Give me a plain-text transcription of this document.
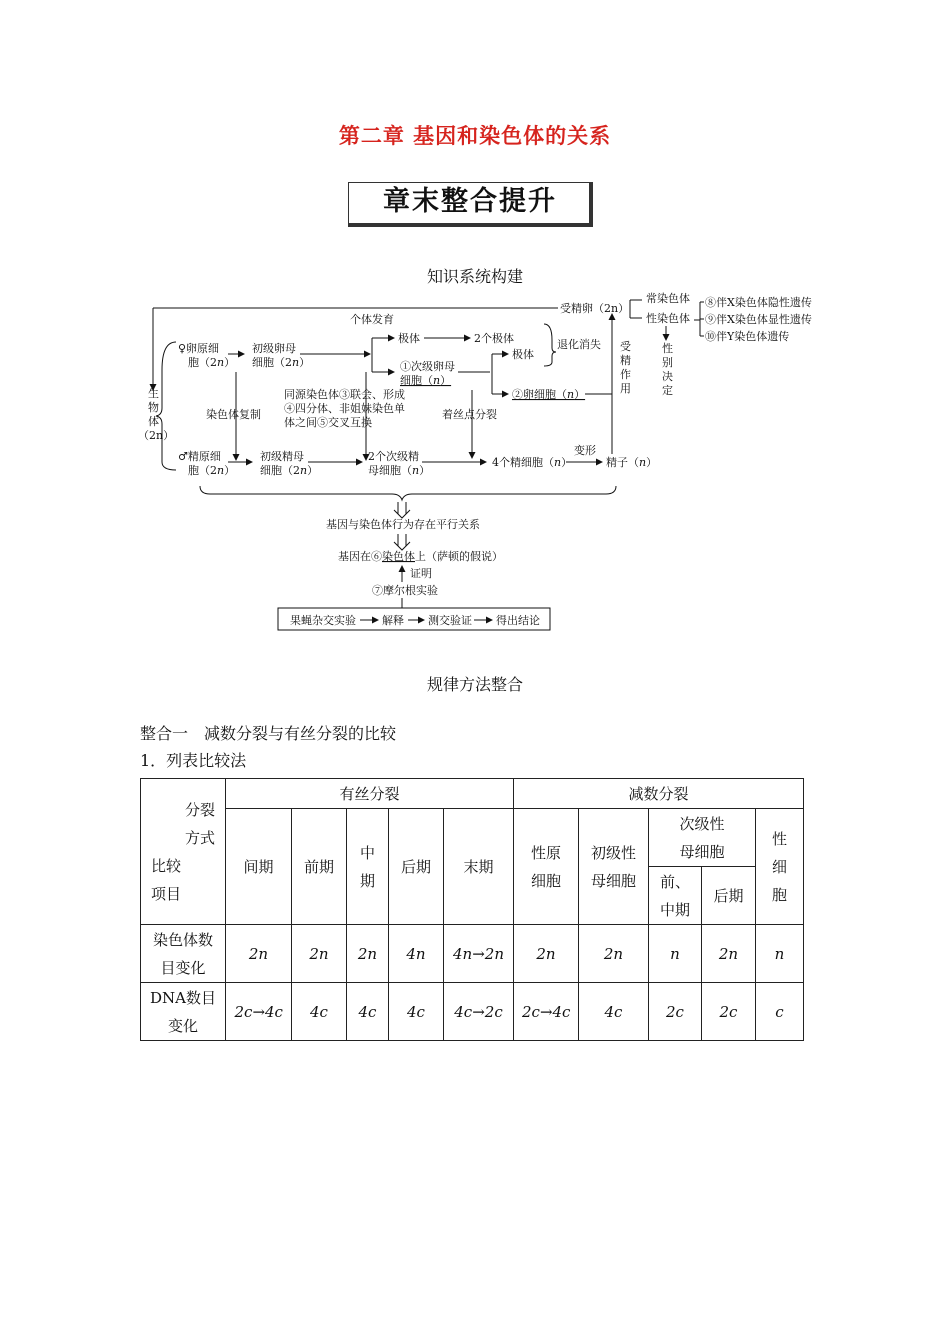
第二章 基因和染色体的关系
章末整合提升
知识系统构建
个体发育
受精卵（2n）
生
物
体
（2n）
♀卵原细
胞（2n）
初级卵母
细胞（2n）
极体	2个极体
①次级卵母
细胞（n）
极体
退化消失
②卵细胞（n）
染色体复制
同源染色体③联会、形成
④四分体、非姐妹染色单
体之间⑤交叉互换
着丝点分裂
♂精原细
胞（2n）
初级精母
细胞（2n）
2个次级精
母细胞（n）
4个精细胞（n）
变形
精子（n）
受
精
作
用
常染色体
性染色体
性
别
决
定
⑧伴X染色体隐性遗传
⑨伴X染色体显性遗传
⑩伴Y染色体遗传
基因与染色体行为存在平行关系
基因在⑥染色体上（萨顿的假说）
证明
⑦摩尔根实验
果蝇杂交实验 解释 测交验证 得出结论
规律方法整合
整合一　减数分裂与有丝分裂的比较
1．列表比较法
分裂
方式
比较
项目	有丝分裂					减数分裂				
	间期	前期	中期	后期	末期	性原细胞	初级性母细胞	次级性母细胞		性细胞

								前、中期	后期	

染色体数目变化	2n	2n	2n	4n	4n→2n	2n	2n	n	2n	n

DNA数目变化	2c→4c	4c	4c	4c	4c→2c	2c→4c	4c	2c	2c	c
